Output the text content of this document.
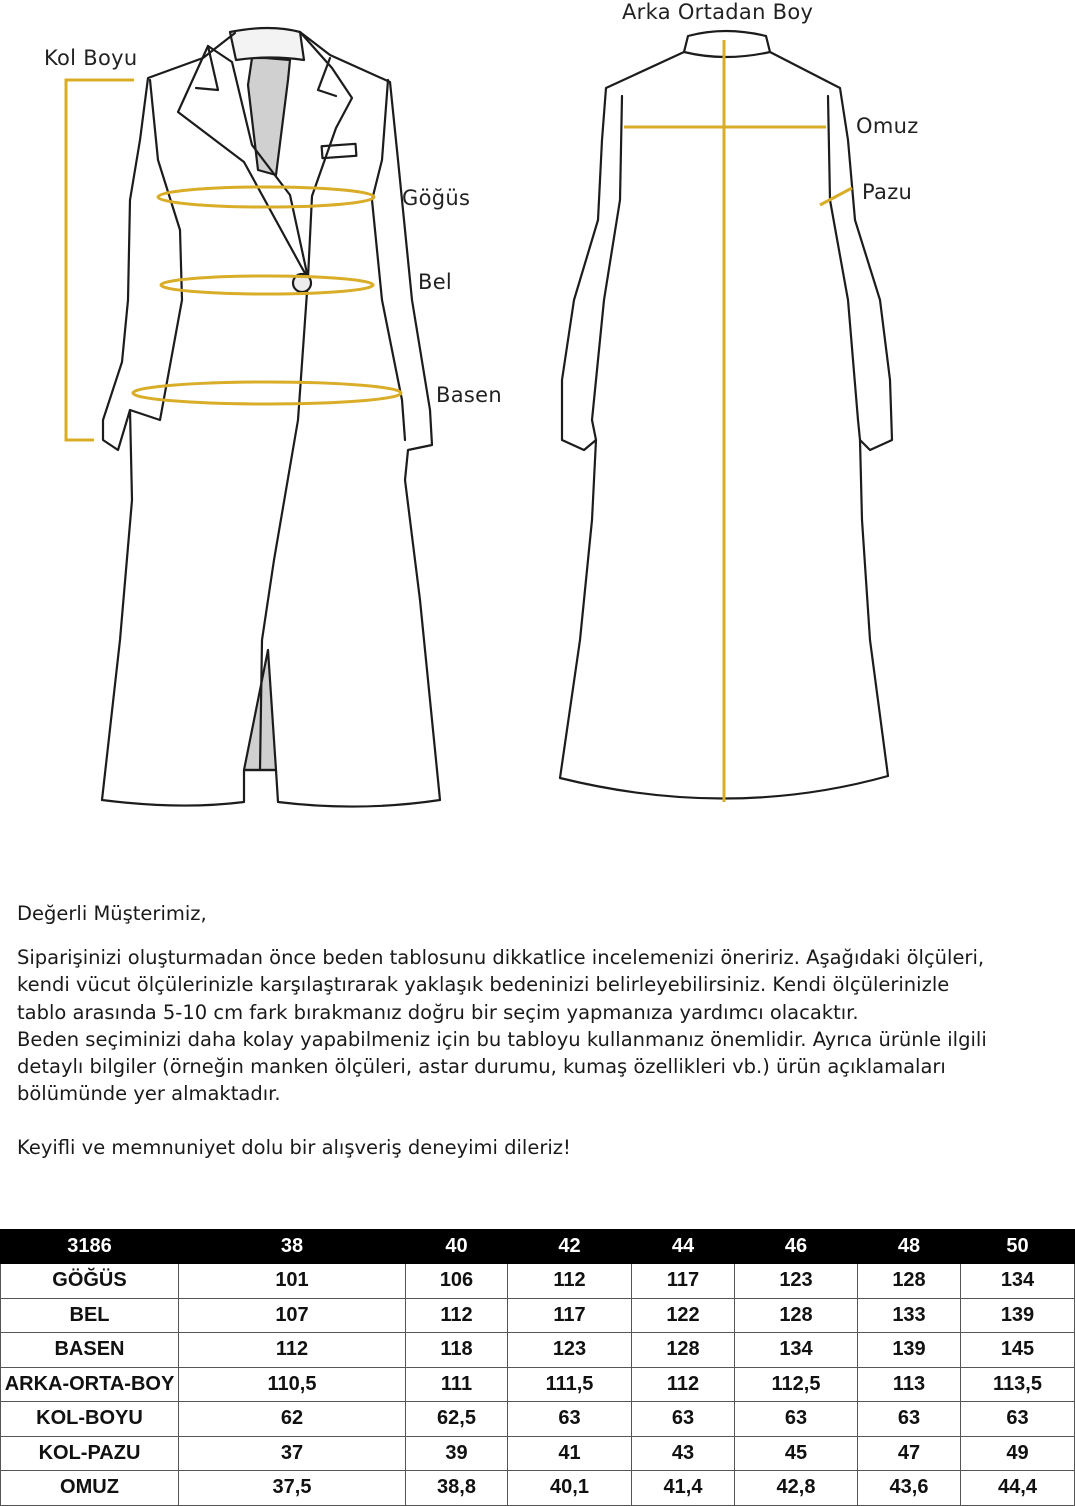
Kol Boyu
Göğüs
Bel
Basen
Arka Ortadan Boy
Omuz
Pazu

Değerli Müşterimiz,

Siparişinizi oluşturmadan önce beden tablosunu dikkatlice incelemenizi öneririz. Aşağıdaki ölçüleri, kendi vücut ölçülerinizle karşılaştırarak yaklaşık bedeninizi belirleyebilirsiniz. Kendi ölçülerinizle tablo arasında 5-10 cm fark bırakmanız doğru bir seçim yapmanıza yardımcı olacaktır.

Beden seçiminizi daha kolay yapabilmeniz için bu tabloyu kullanmanız önemlidir. Ayrıca ürünle ilgili detaylı bilgiler (örneğin manken ölçüleri, astar durumu, kumaş özellikleri vb.) ürün açıklamaları bölümünde yer almaktadır.

Keyifli ve memnuniyet dolu bir alışveriş deneyimi dileriz!

3186	38	40	42	44	46	48	50
GÖĞÜS	101	106	112	117	123	128	134
BEL	107	112	117	122	128	133	139
BASEN	112	118	123	128	134	139	145
ARKA-ORTA-BOY	110,5	111	111,5	112	112,5	113	113,5
KOL-BOYU	62	62,5	63	63	63	63	63
KOL-PAZU	37	39	41	43	45	47	49
OMUZ	37,5	38,8	40,1	41,4	42,8	43,6	44,4
